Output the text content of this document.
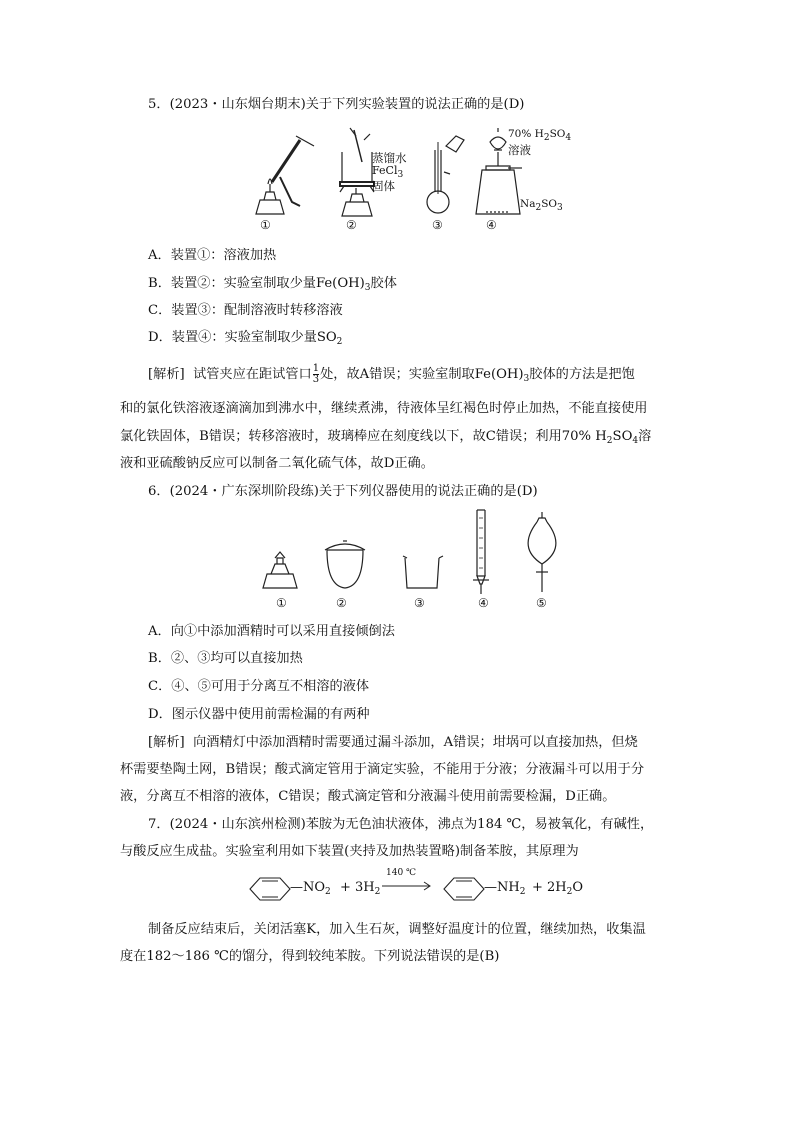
5．(2023・山东烟台期末)关于下列实验装置的说法正确的是(D)
蒸馏水
FeCl$_3$
固体
70% $H_2SO_4$
溶液
$Na_2SO_3$
①	②	③	④
A．装置①：溶液加热
B．装置②：实验室制取少量$Fe(OH)_3$胶体
C．装置③：配制溶液时转移溶液
D．装置④：实验室制取少量$SO_2$
[解析] 试管夹应在距试管口 $\frac{1}{3}$ 处，故A错误；实验室制取$Fe(OH)_3$胶体的方法是把饱
和的氯化铁溶液逐滴滴加到沸水中，继续煮沸，待液体呈红褐色时停止加热，不能直接使用
氯化铁固体，B错误；转移溶液时，玻璃棒应在刻度线以下，故C错误；利用70% $H_2SO_4$溶
液和亚硫酸钠反应可以制备二氧化硫气体，故D正确。
6．(2024・广东深圳阶段练)关于下列仪器使用的说法正确的是(D)
①	②	③	④	⑤
A．向①中添加酒精时可以采用直接倾倒法
B．②、③均可以直接加热
C．④、⑤可用于分离互不相溶的液体
D．图示仪器中使用前需检漏的有两种
[解析] 向酒精灯中添加酒精时需要通过漏斗添加，A错误；坩埚可以直接加热，但烧
杯需要垫陶土网，B错误；酸式滴定管用于滴定实验，不能用于分液；分液漏斗可以用于分
液，分离互不相溶的液体，C错误；酸式滴定管和分液漏斗使用前需要检漏，D正确。
7．(2024・山东滨州检测)苯胺为无色油状液体，沸点为184 ℃，易被氧化，有碱性，
与酸反应生成盐。实验室利用如下装置(夹持及加热装置略)制备苯胺，其原理为
$—NO_2 + 3H_2$
140 ℃
$—NH_2 + 2H_2O$
制备反应结束后，关闭活塞K，加入生石灰，调整好温度计的位置，继续加热，收集温
度在182～186 ℃的馏分，得到较纯苯胺。下列说法错误的是(B)
